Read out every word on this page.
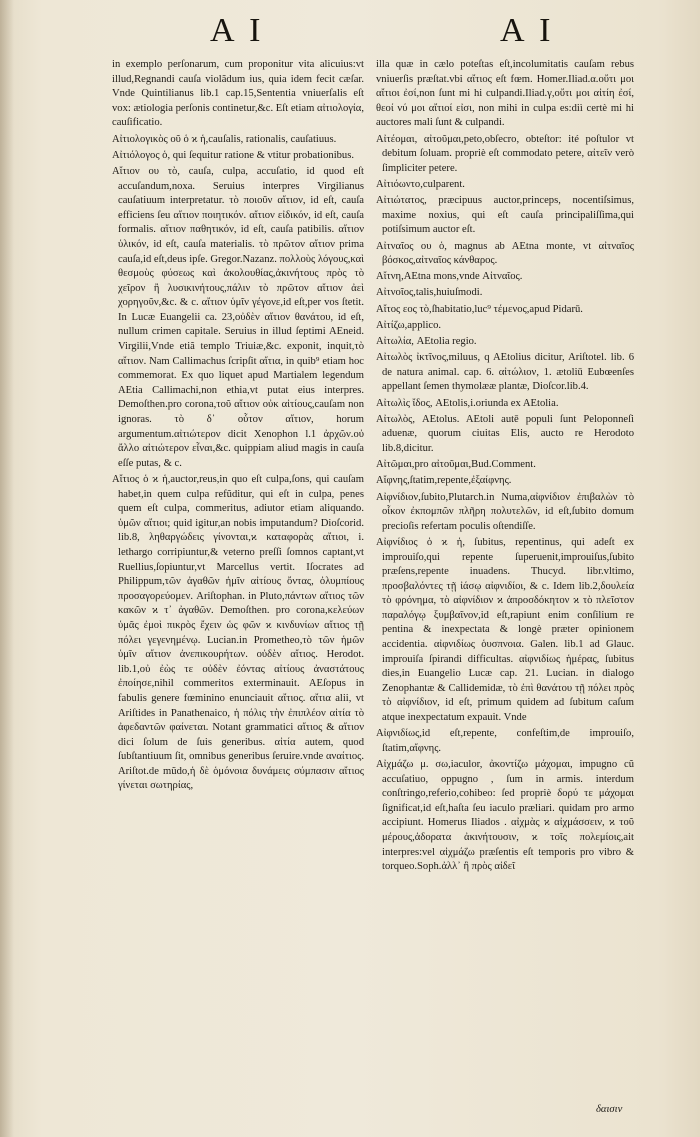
A I	A I

in exemplo perſonarum, cum proponitur vita alicuius:vt illud,Regnandi cauſa violãdum ius, quia idem fecit cæſar. Vnde Quintilianus lib.1 cap.15,Sententia vniuerſalis eſt vox: ætiologia perſonis continetur,&c. Eſt etiam αἰτιολογία, cauſificatio.

Αἰτιολογικὸς οῦ ὁ ϰ ἡ,cauſalis, rationalis, cauſatiuus.

Αἰτιόλογος ὁ, qui ſequitur ratione & vtitur probationibus.

Αἴτιον ου τὸ, cauſa, culpa, accuſatio, id quod eſt accuſandum,noxa. Seruius interpres Virgilianus cauſatiuum interpretatur. τὸ ποιοῦν αἴτιον, id eſt, cauſa efficiens ſeu αἴτιον ποιητικόν. αἴτιον εἰδικόν, id eſt, cauſa formalis. αἴτιον παθητικόν, id eſt, cauſa patibilis. αἴτιον ὑλικόν, id eſt, cauſa materialis. τὸ πρῶτον αἴτιον prima cauſa,id eſt,deus ipſe. Gregor.Nazanz. πολλοὺς λόγους,καὶ θεσμοὺς φύσεως καὶ ἀκολουθίας,ἀκινήτους πρὸς τὸ χεῖρον ἢ λυσικινήτους,πάλιν τὸ πρῶτον αἴτιον ἀεὶ χορηγοῦν,&c. & c. αἴτιον ὑμῖν γέγονε,id eſt,per vos ſtetit. In Lucæ Euangelii ca. 23,οὐδὲν αἴτιον θανάτου, id eſt, nullum crimen capitale. Seruius in illud ſeptimi AEneid. Virgilii,Vnde etiã templo Triuiæ,&c. exponit, inquit,τὸ αἴτιον. Nam Callimachus ſcripſit αἴτια, in quib⁹ etiam hoc commemorat. Ex quo liquet apud Martialem legendum AEtia Callimachi,non ethia,vt putat eius interpres. Demoſthen.pro corona,τοῦ αἴτιον οὐκ αἰτίους,cauſam non ignoras. τὸ δ᾽ οὗτον αἴτιον, horum argumentum.αἰτιώτερον dicit Xenophon l.1 ἀρχῶν.οὐ ἄλλο αἰτιώτερον εἶναι,&c. quippiam aliud magis in cauſa eſſe putas, & c.

Αἴτιος ὁ ϰ ἡ,auctor,reus,in quo eſt culpa,ſons, qui cauſam habet,in quem culpa refũditur, qui eſt in culpa, penes quem eſt culpa, commeritus, adiutor etiam aliquando. ὑμῶν αἴτιοι; quid igitur,an nobis imputandum? Dioſcorid. lib.8, ληθαργώδεις γίνονται,ϰ καταφορὰς αἴτιοι, i. lethargo corripiuntur,& veterno preſſi ſomnos captant,vt Ruellius,ſopiuntur,vt Marcellus vertit. Iſocrates ad Philippum,τῶν ἀγαθῶν ἡμῖν αἰτίους ὄντας, ὀλυμπίους προσαγορεύομεν. Ariſtophan. in Pluto,πάντων αἴτιος τῶν κακῶν ϰ τ᾽ ἀγαθῶν. Demoſthen. pro corona,κελεύων ὑμᾶς ἐμοὶ πικρὸς ἔχειν ὡς φῶν ϰ κινδυνίων αἴτιος τῇ πόλει γεγενημένῳ. Lucian.in Prometheo,τὸ τῶν ἡμῶν ὑμῖν αἴτιον ἀνεπικουρήτων. οὐδὲν αἴτιος. Herodot. lib.1,οὐ ἐὼς τε οὐδὲν ἐόντας αἰτίους ἀναστάτους ἐποίησε,nihil commeritos exterminauit. AEſopus in fabulis genere fœminino enunciauit αἴτιος. αἴτια alii, vt Ariſtides in Panathenaico, ἡ πόλις τὴν ἐπιπλέον αἰτία τὸ ἀφεδαντῶν φαίνεται. Notant grammatici αἴτιος & αἴτιον dici ſolum de ſuis generibus. αἰτία autem, quod ſubſtantiuum ſit, omnibus generibus ſeruire.vnde αναίτιος. Ariſtot.de mũdo,ἡ δὲ ὁμόνοια δυνάμεις σύμπασιν αἴτιος γίνεται σωτηρίας,

illa quæ in cælo poteſtas eſt,incolumitatis cauſam rebus vniuerſis præſtat.vbi αἴτιος eſt fœm. Homer.Iliad.α.οὔτι μοι αἴτιοι ἐσί,non ſunt mi hi culpandi.Iliad.γ,οὔτι μοι αἰτίη ἐσί, θεοί νύ μοι αἴτιοί εἰσι, non mihi in culpa es:diì certè mi hi auctores mali ſunt & culpandi.

Αἰτέομαι, αἰτοῦμαι,peto,obſecro, obteſtor: ité poſtulor vt debitum ſoluam. propriè eſt commodato petere, αἰτεῖν verò ſimpliciter petere.

Αἰτιόωντο,culparent.

Αἰτιώτατος, præcipuus auctor,princeps, nocentiſsimus, maxime noxius, qui eſt cauſa principaliſſima,qui potiſsimum auctor eſt.

Αἰτναῖος ου ὁ, magnus ab AEtna monte, vt αἰτναῖος βόσκος,αἰτναῖος κάνθαρος.

Αἴτνη,AEtna mons,vnde Αἰτναῖος.

Αἰτνοῖος,talis,huiuſmodi.

Αἴτος εος τὸ,ſhabitatio,luc⁹ τέμενος,apud Pidarū.

Αἰτίζω,applico.

Αἰτωλία, AEtolia regio.

Αἰτωλὸς ἰκτῖνος,miluus, q AEtolius dicitur, Ariſtotel. lib. 6 de natura animal. cap. 6. αἰτώλιον, 1. ætoliū Eubœenſes appellant ſemen thymolææ plantæ, Dioſcor.lib.4.

Αἰτωλὶς ἴδος, AEtolis,i.oriunda ex AEtolia.

Αἰτωλὸς, AEtolus. AEtoli autē populi ſunt Peloponneſi aduenæ, quorum ciuitas Elis, aucto re Herodoto lib.8,dicitur.

Αἰτῶμαι,pro αἰτοῦμαι,Bud.Comment.

Αἴφνης,ſtatim,repente,ἐξαίφνης.

Αἰφνίδιον,ſubito,Plutarch.in Numa,αἰφνίδιον ἐπιβαλὼν τὸ οἶκον ἐκπομπῶν πλῆρη πολυτελῶν, id eſt,ſubito domum precioſis refertam poculis oſtendiſſe.

Αἰφνίδιος ὁ ϰ ἡ, ſubitus, repentinus, qui adeſt ex improuiſo,qui repente ſuperuenit,improuiſus,ſubito præſens,repente inuadens. Thucyd. libr.vltimo, προσβαλόντες τῇ ἰάσῳ αἰφνιδίοι, & c. Idem lib.2,δουλεία τὸ φρόνημα, τὸ αἰφνίδιον ϰ ἀπροσδόκητον ϰ τὸ πλεῖστον παραλόγῳ ξυμβαῖνον,id eſt,rapiunt enim conſilium re pentina & inexpectata & longè præter opinionem accidentia. αἰφνιδίως ὁυσπνοια. Galen. lib.1 ad Glauc. improuiſa ſpirandi difficultas. αἰφνιδίως ἡμέρας, ſubitus dies,in Euangelio Lucæ cap. 21. Lucian. in dialogo Zenophantæ & Callidemidæ, τὸ ἐπὶ θανάτου τῇ πόλει πρὸς τὸ αἰφνίδιον, id eſt, primum quidem ad ſubitum caſum atque inexpectatum expauit. Vnde

Αἰφνιδίως,id eſt,repente, confeſtim,de improuiſo, ſtatim,αἴφνης.

Αἰχμάζω μ. σω,iaculor, ἀκοντίζω μάχομαι, impugno cũ accuſatiuo, oppugno , ſum in armis. interdum conſtringo,referio,cohibeo: ſed propriè δορύ τε μάχομαι ſignificat,id eſt,haſta ſeu iaculo præliari. quidam pro armo accipiunt. Homerus Iliados . αἰχμὰς ϰ αἰχμάσσειν, ϰ τοῦ μέρους,ἁδορατα ἀκινήτουσιν, ϰ τοῖς πολεμίοις,ait interpres:vel αἰχμάζω præſentis eſt temporis pro vibro & torqueo.Soph.ἀλλ᾽ ἢ πρὸς αἰδεῖ

δαισιν
